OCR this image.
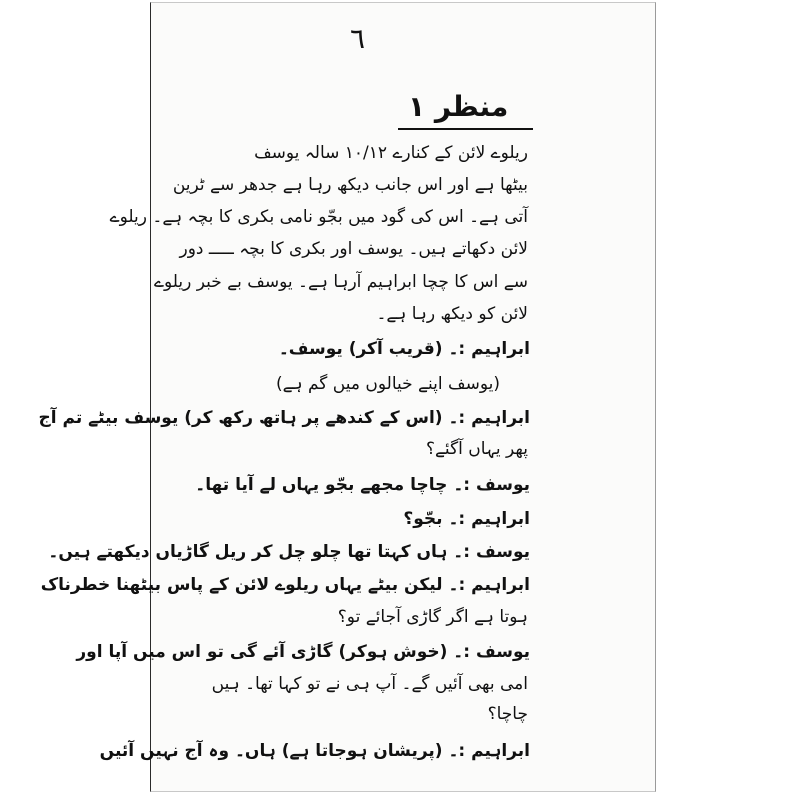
٦
منظر ۱
ریلوے لائن کے کنارے ۱۰/۱۲ سالہ یوسف
بیٹھا ہے اور اس جانب دیکھ رہا ہے جدھر سے ٹرین
آتی ہے۔ اس کی گود میں بجّو نامی بکری کا بچہ ہے۔ ریلوے
لائن دکھاتے ہیں۔ یوسف اور بکری کا بچہ ـــــ دور
سے اس کا چچا ابراہیم آرہا ہے۔ یوسف بے خبر ریلوے
لائن کو دیکھ رہا ہے۔
ابراہیم :۔ (قریب آکر) یوسف۔
(یوسف اپنے خیالوں میں گم ہے)
ابراہیم :۔ (اس کے کندھے پر ہاتھ رکھ کر) یوسف بیٹے تم آج
پھر یہاں آگئے؟
یوسف :۔ چاچا مجھے بجّو یہاں لے آیا تھا۔
ابراہیم :۔ بجّو؟
یوسف :۔ ہاں کہتا تھا چلو چل کر ریل گاڑیاں دیکھتے ہیں۔
ابراہیم :۔ لیکن بیٹے یہاں ریلوے لائن کے پاس بیٹھنا خطرناک
ہوتا ہے اگر گاڑی آجائے تو؟
یوسف :۔ (خوش ہوکر) گاڑی آئے گی تو اس میں آپا اور
امی بھی آئیں گے۔ آپ ہی نے تو کہا تھا۔ ہیں
چاچا؟
ابراہیم :۔ (پریشان ہوجاتا ہے) ہاں۔ وہ آج نہیں آئیں
